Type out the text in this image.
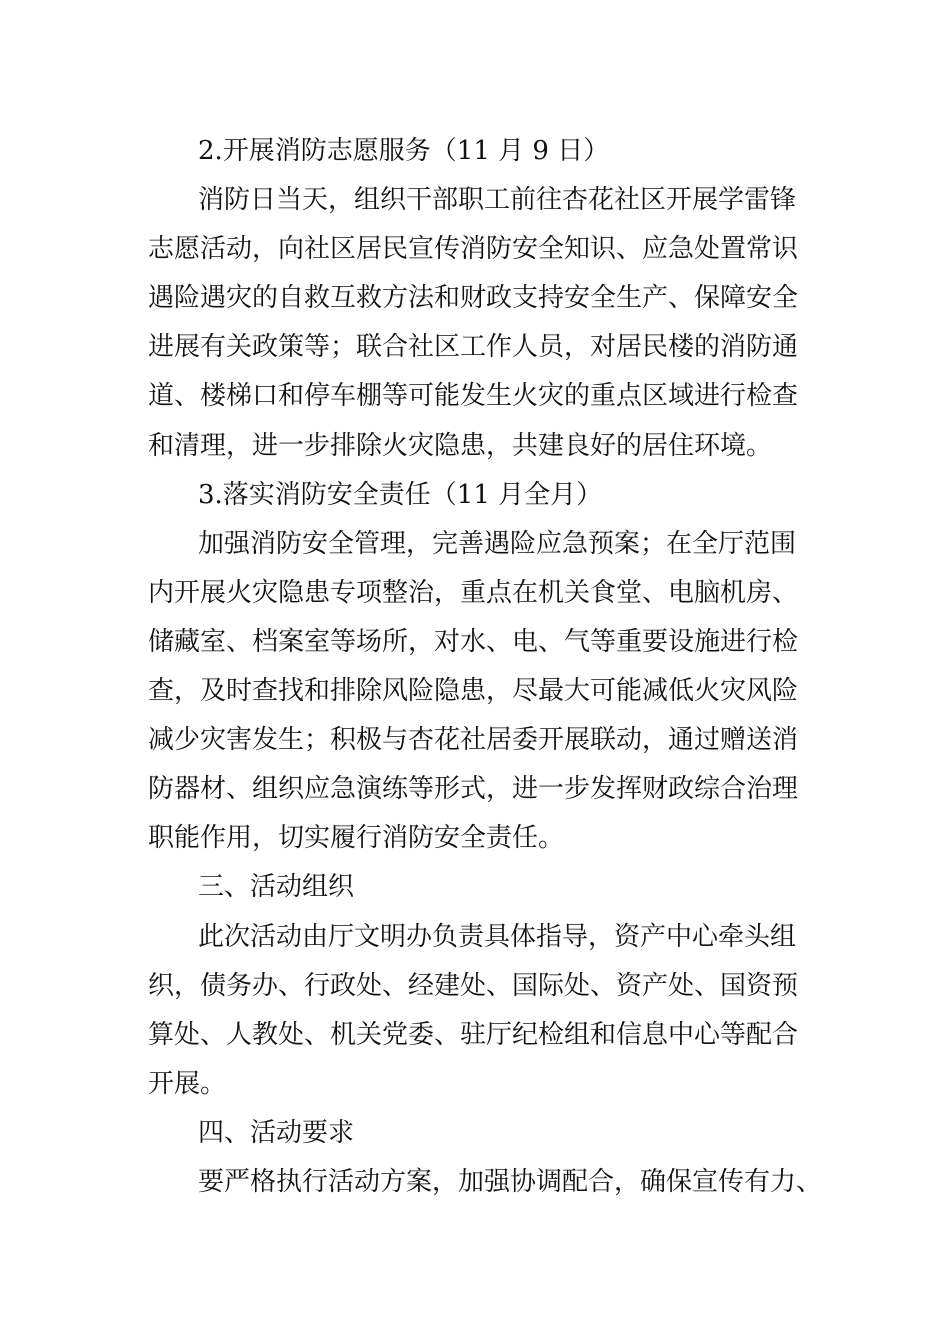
2.开展消防志愿服务（11 月 9 日）
消防日当天，组织干部职工前往杏花社区开展学雷锋
志愿活动，向社区居民宣传消防安全知识、应急处置常识
遇险遇灾的自救互救方法和财政支持安全生产、保障安全
进展有关政策等；联合社区工作人员，对居民楼的消防通
道、楼梯口和停车棚等可能发生火灾的重点区域进行检查
和清理，进一步排除火灾隐患，共建良好的居住环境。
3.落实消防安全责任（11 月全月）
加强消防安全管理，完善遇险应急预案；在全厅范围
内开展火灾隐患专项整治，重点在机关食堂、电脑机房、
储藏室、档案室等场所，对水、电、气等重要设施进行检
查，及时查找和排除风险隐患，尽最大可能减低火灾风险
减少灾害发生；积极与杏花社居委开展联动，通过赠送消
防器材、组织应急演练等形式，进一步发挥财政综合治理
职能作用，切实履行消防安全责任。
三、活动组织
此次活动由厅文明办负责具体指导，资产中心牵头组
织，债务办、行政处、经建处、国际处、资产处、国资预
算处、人教处、机关党委、驻厅纪检组和信息中心等配合
开展。
四、活动要求
要严格执行活动方案，加强协调配合，确保宣传有力、
